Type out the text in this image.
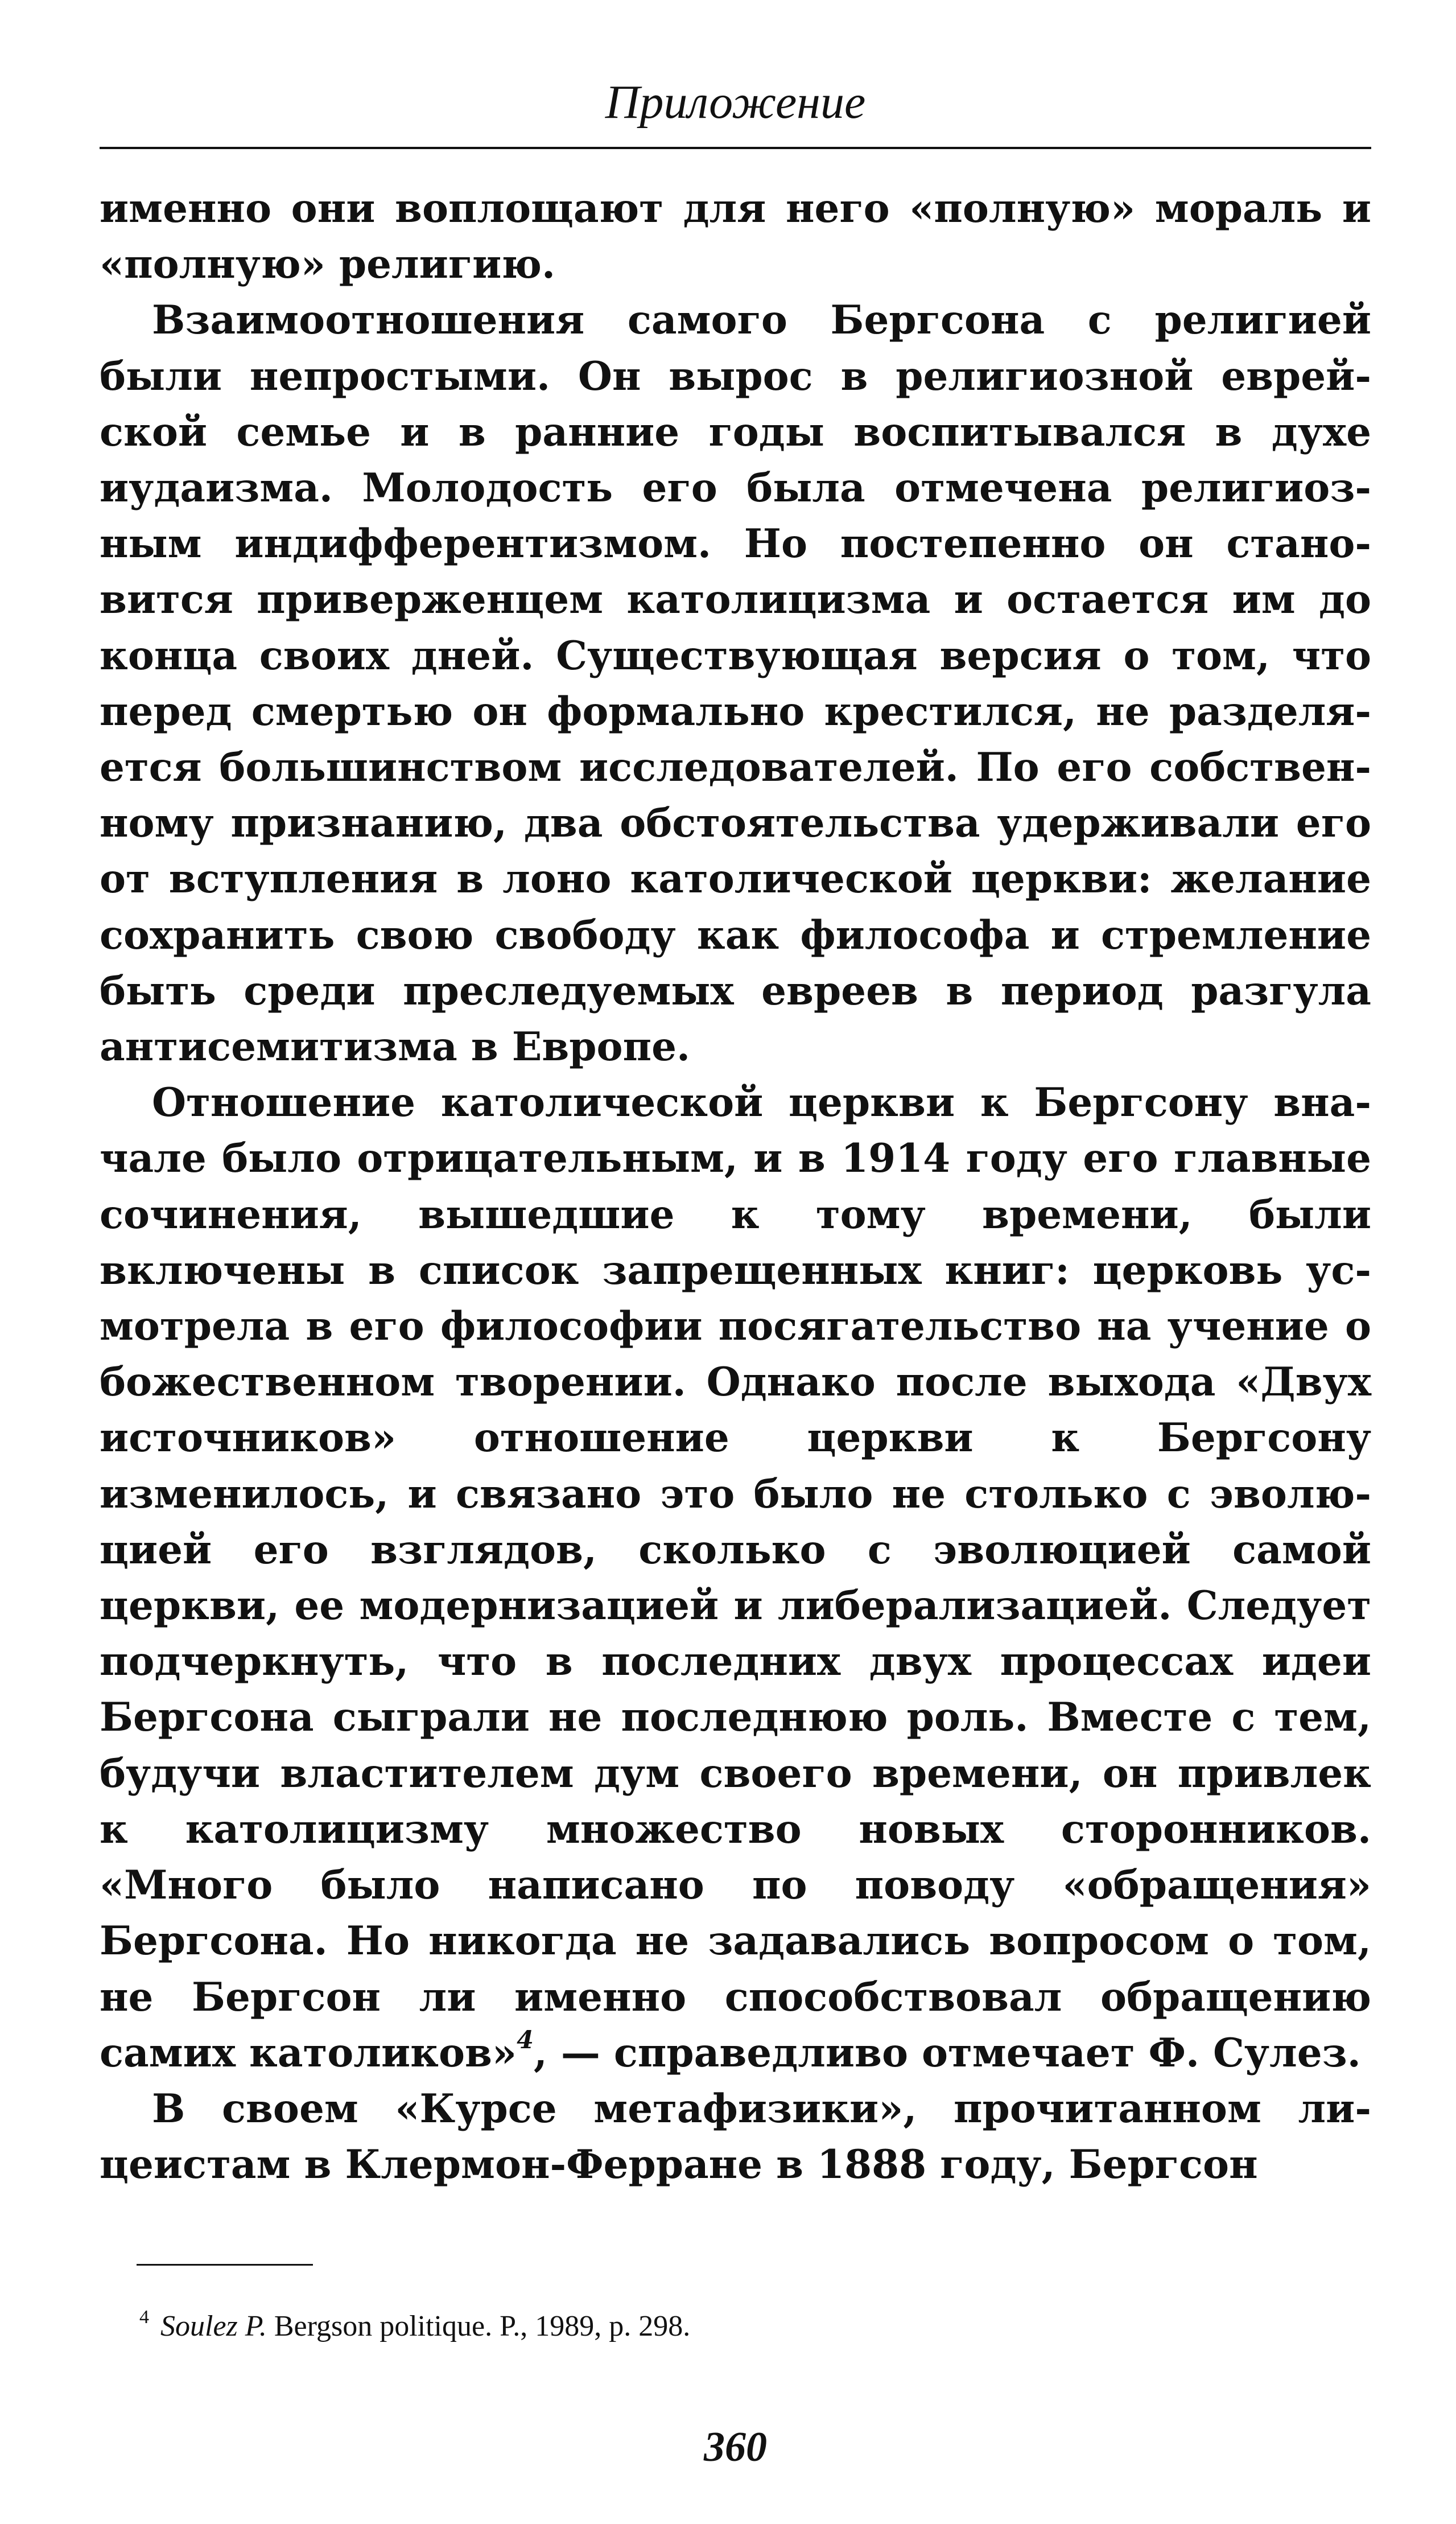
Приложение

именно они воплощают для него «полную» мораль и «полную» религию.

Взаимоотношения самого Бергсона с религией были непростыми. Он вырос в религиозной еврейской семье и в ранние годы воспитывался в духе иудаизма. Молодость его была отмечена религиозным индифферентизмом. Но постепенно он становится приверженцем католицизма и остается им до конца своих дней. Существующая версия о том, что перед смертью он формально крестился, не разделяется большинством исследователей. По его собственному признанию, два обстоятельства удерживали его от вступления в лоно католической церкви: желание сохранить свою свободу как философа и стремление быть среди преследуемых евреев в период разгула антисемитизма в Европе.

Отношение католической церкви к Бергсону вначале было отрицательным, и в 1914 году его главные сочинения, вышедшие к тому времени, были включены в список запрещенных книг: церковь усмотрела в его философии посягательство на учение о божественном творении. Однако после выхода «Двух источников» отношение церкви к Бергсону изменилось, и связано это было не столько с эволюцией его взглядов, сколько с эволюцией самой церкви, ее модернизацией и либерализацией. Следует подчеркнуть, что в последних двух процессах идеи Бергсона сыграли не последнюю роль. Вместе с тем, будучи властителем дум своего времени, он привлек к католицизму множество новых сторонников. «Много было написано по поводу «обращения» Бергсона. Но никогда не задавались вопросом о том, не Бергсон ли именно способствовал обращению самих католиков»$^4$, — справедливо отмечает Ф. Сулез.

В своем «Курсе метафизики», прочитанном лицеистам в Клермон-Ферране в 1888 году, Бергсон

$^4$ Soulez P. Bergson politique. P., 1989, p. 298.
360
